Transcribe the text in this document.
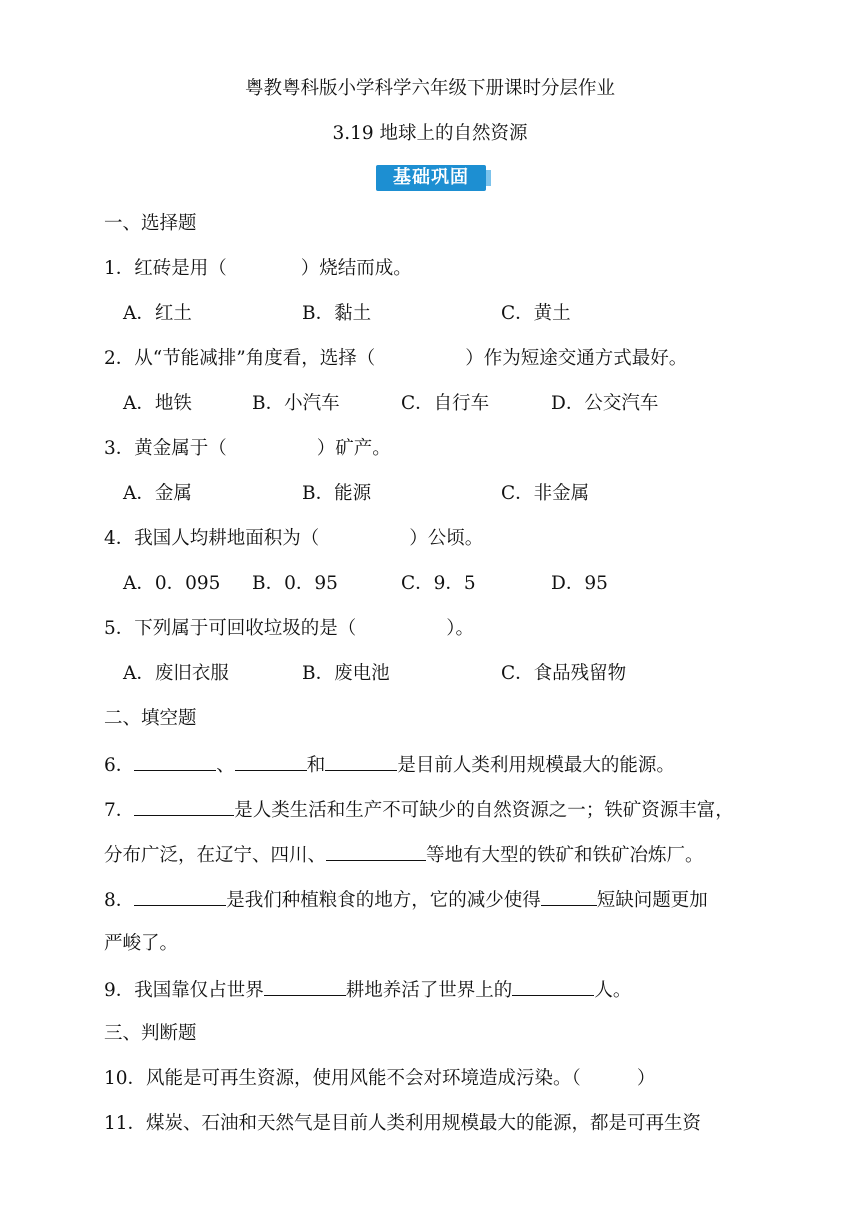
粤教粤科版小学科学六年级下册课时分层作业
3.19 地球上的自然资源
基础巩固
一、选择题
1．红砖是用（	）烧结而成。
A．红土	B．黏土	C．黄土
2．从“节能减排”角度看，选择（	）作为短途交通方式最好。
A．地铁	B．小汽车	C．自行车	D．公交汽车
3．黄金属于（	）矿产。
A．金属	B．能源	C．非金属
4．我国人均耕地面积为（	）公顷。
A．0．095 B．0．95	C．9．5	D．95
5．下列属于可回收垃圾的是（	）。
A．废旧衣服	B．废电池	C．食品残留物
二、填空题
6．	、	和	是目前人类利用规模最大的能源。
7．	是人类生活和生产不可缺少的自然资源之一；铁矿资源丰富，
分布广泛，在辽宁、四川、	等地有大型的铁矿和铁矿冶炼厂。
8．	是我们种植粮食的地方，它的减少使得	短缺问题更加
严峻了。
9．我国靠仅占世界	耕地养活了世界上的	人。
三、判断题
10．风能是可再生资源，使用风能不会对环境造成污染。（	）
11．煤炭、石油和天然气是目前人类利用规模最大的能源，都是可再生资
